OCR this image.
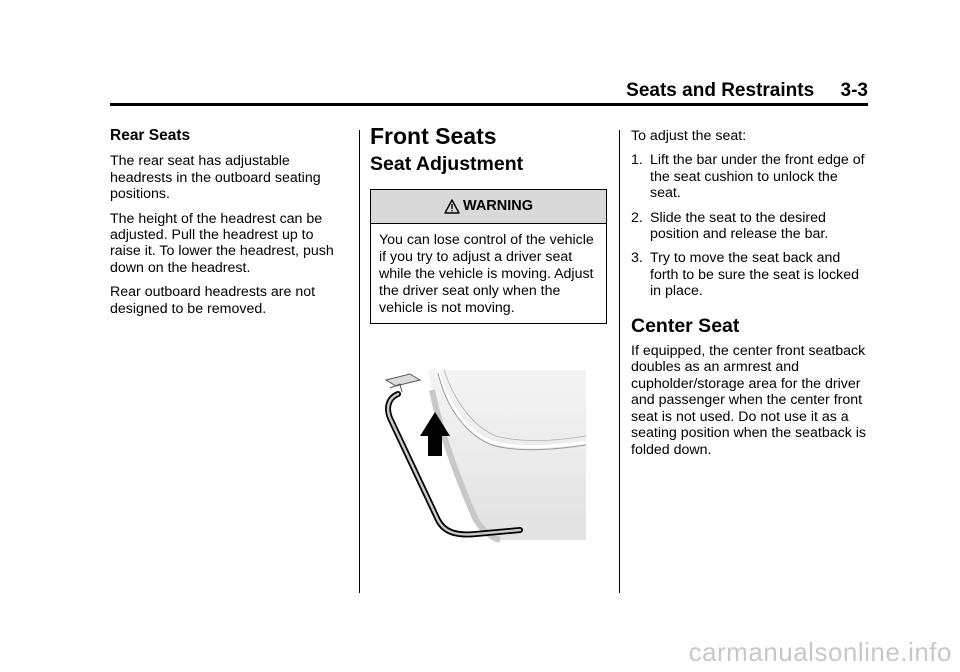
Seats and Restraints     3-3
Rear Seats

The rear seat has adjustable headrests in the outboard seating positions.

The height of the headrest can be adjusted. Pull the headrest up to raise it. To lower the headrest, push down on the headrest.

Rear outboard headrests are not designed to be removed.

Front Seats
Seat Adjustment
WARNING
You can lose control of the vehicle if you try to adjust a driver seat while the vehicle is moving. Adjust the driver seat only when the vehicle is not moving.

To adjust the seat:

1. Lift the bar under the front edge of the seat cushion to unlock the seat.
2. Slide the seat to the desired position and release the bar.
3. Try to move the seat back and forth to be sure the seat is locked in place.
Center Seat

If equipped, the center front seatback doubles as an armrest and cupholder/storage area for the driver and passenger when the center front seat is not used. Do not use it as a seating position when the seatback is folded down.

carmanualsonline.info
